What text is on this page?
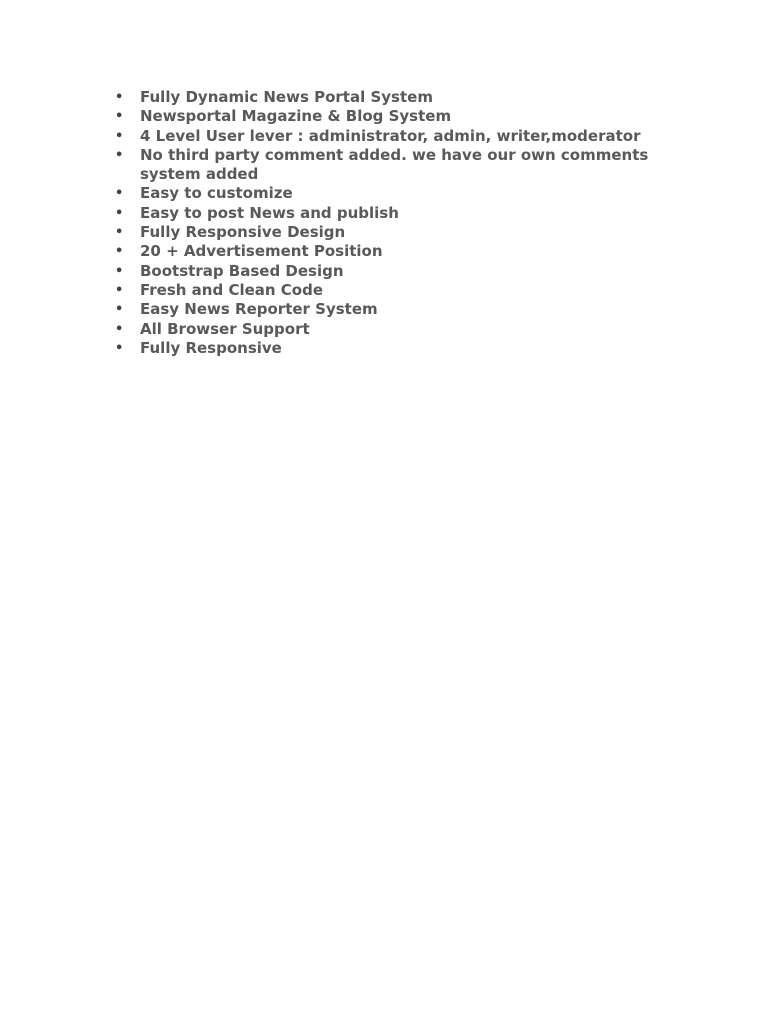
• Fully Dynamic News Portal System
• Newsportal Magazine & Blog System
• 4 Level User lever : administrator, admin, writer,moderator
• No third party comment added. we have our own comments system added
• Easy to customize
• Easy to post News and publish
• Fully Responsive Design
• 20 + Advertisement Position
• Bootstrap Based Design
• Fresh and Clean Code
• Easy News Reporter System
• All Browser Support
• Fully Responsive
